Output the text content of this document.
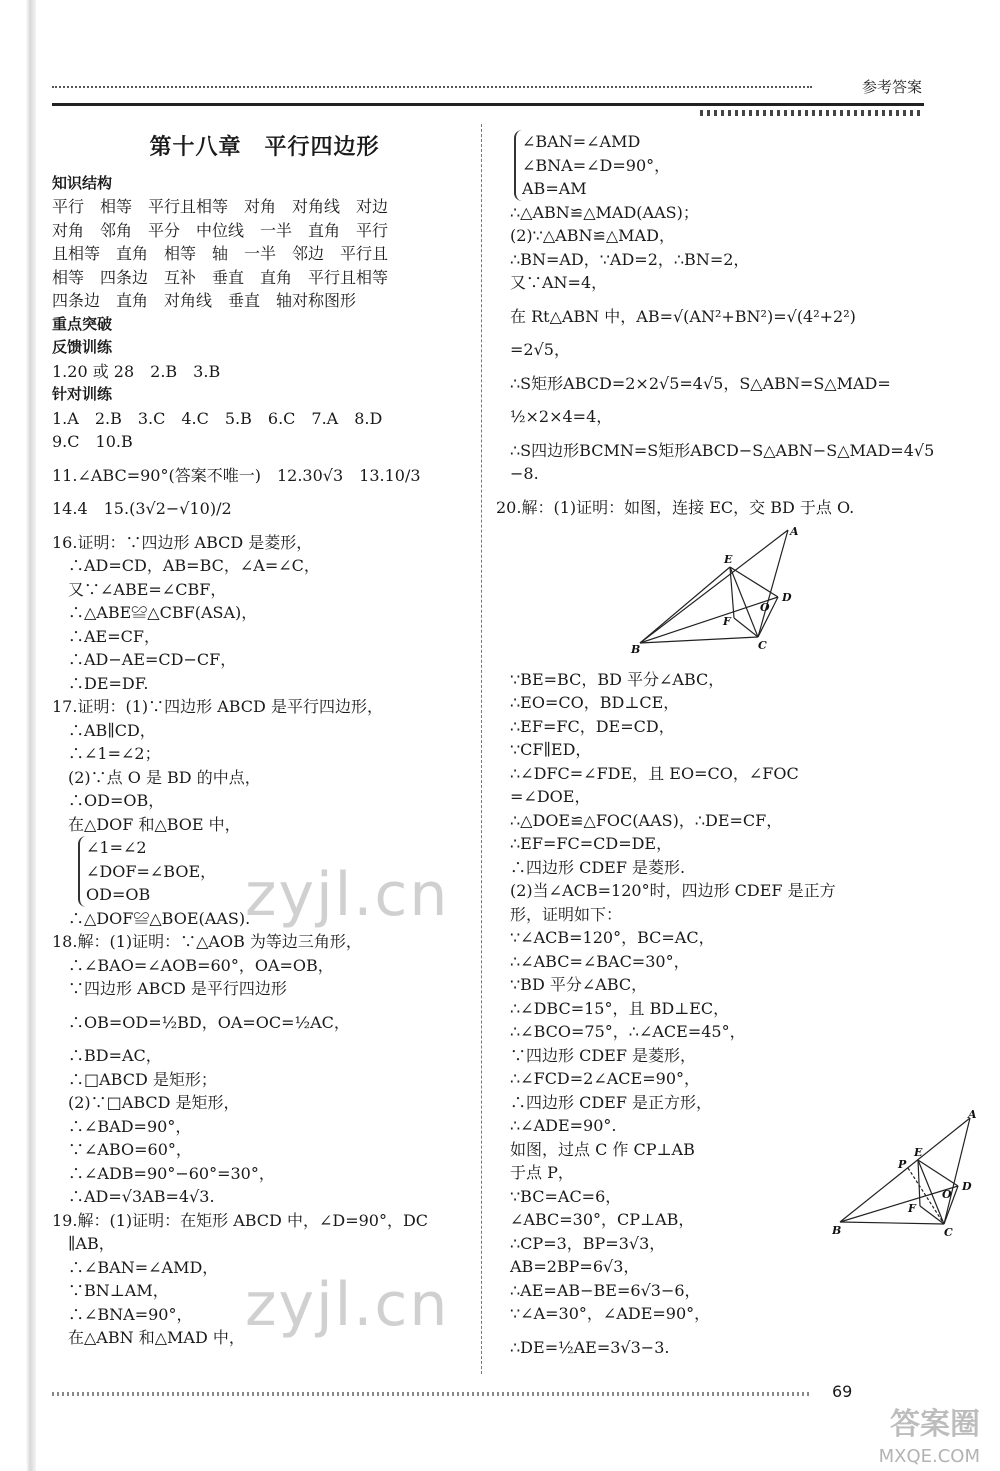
参考答案
第十八章　平行四边形
知识结构
平行　相等　平行且相等　对角　对角线　对边
对角　邻角　平分　中位线　一半　直角　平行
且相等　直角　相等　轴　一半　邻边　平行且
相等　四条边　互补　垂直　直角　平行且相等
四条边　直角　对角线　垂直　轴对称图形
重点突破
反馈训练
1.20 或 28　2.B　3.B
针对训练
1.A　2.B　3.C　4.C　5.B　6.C　7.A　8.D
9.C　10.B
11.∠ABC=90°(答案不唯一)　12.30√3　13.10/3
14.4　15.(3√2−√10)/2
16.证明：∵四边形 ABCD 是菱形，
　∴AD=CD，AB=BC，∠A=∠C，
　又∵∠ABE=∠CBF，
　∴△ABE≌△CBF(ASA)，
　∴AE=CF，
　∴AD−AE=CD−CF，
　∴DE=DF.
17.证明：(1)∵四边形 ABCD 是平行四边形，
　∴AB∥CD，
　∴∠1=∠2；
　(2)∵点 O 是 BD 的中点，
　∴OD=OB，
　在△DOF 和△BOE 中，
∠1=∠2
∠DOF=∠BOE，
OD=OB
　∴△DOF≌△BOE(AAS).
18.解：(1)证明：∵△AOB 为等边三角形，
　∴∠BAO=∠AOB=60°，OA=OB，
　∵四边形 ABCD 是平行四边形
　∴OB=OD=½BD，OA=OC=½AC，
　∴BD=AC，
　∴□ABCD 是矩形；
　(2)∵□ABCD 是矩形，
　∴∠BAD=90°，
　∵∠ABO=60°，
　∴∠ADB=90°−60°=30°，
　∴AD=√3AB=4√3.
19.解：(1)证明：在矩形 ABCD 中，∠D=90°，DC
　∥AB，
　∴∠BAN=∠AMD，
　∵BN⊥AM，
　∴∠BNA=90°，
　在△ABN 和△MAD 中，
∠BAN=∠AMD
∠BNA=∠D=90°，
AB=AM
∴△ABN≌△MAD(AAS)；
(2)∵△ABN≌△MAD，
∴BN=AD，∵AD=2，∴BN=2，
又∵AN=4，
在 Rt△ABN 中，AB=√(AN²+BN²)=√(4²+2²)
=2√5，
∴S矩形ABCD=2×2√5=4√5，S△ABN=S△MAD=
½×2×4=4，
∴S四边形BCMN=S矩形ABCD−S△ABN−S△MAD=4√5
−8.
20.解：(1)证明：如图，连接 EC，交 BD 于点 O.
A
E
D
O
F
B	C
∵BE=BC，BD 平分∠ABC，
∴EO=CO，BD⊥CE，
∴EF=FC，DE=CD，
∵CF∥ED，
∴∠DFC=∠FDE，且 EO=CO，∠FOC
=∠DOE，
∴△DOE≌△FOC(AAS)，∴DE=CF，
∴EF=FC=CD=DE，
∴四边形 CDEF 是菱形.
(2)当∠ACB=120°时，四边形 CDEF 是正方
形，证明如下：
∵∠ACB=120°，BC=AC，
∴∠ABC=∠BAC=30°，
∵BD 平分∠ABC，
∴∠DBC=15°，且 BD⊥EC，
∴∠BCO=75°，∴∠ACE=45°，
∵四边形 CDEF 是菱形，
∴∠FCD=2∠ACE=90°，
∴四边形 CDEF 是正方形，
∴∠ADE=90°.
如图，过点 C 作 CP⊥AB
于点 P，
∵BC=AC=6，
∠ABC=30°，CP⊥AB，
∴CP=3，BP=3√3，
AB=2BP=6√3，
∴AE=AB−BE=6√3−6，
∵∠A=30°，∠ADE=90°，
∴DE=½AE=3√3−3.
A
E
P
D
O
F
B	C
zyjl.cn
zyjl.cn
69
答案圈
MXQE.COM
